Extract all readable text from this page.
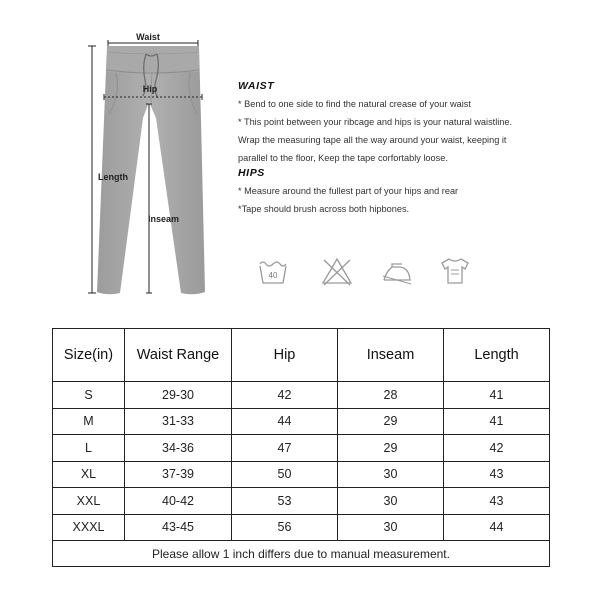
Waist
Hip
Length
Inseam

WAIST

* Bend to one side to find the natural crease of your waist

* This point between your ribcage and hips is your natural waistline.

Wrap the measuring tape all the way around your waist, keeping it

parallel to the floor, Keep the tape corfortably loose.

HIPS

* Measure around the fullest part of your hips and rear

*Tape should brush across both hipbones.

40
Size(in)	Waist Range	Hip	Inseam	Length
S	29-30	42	28	41
M	31-33	44	29	41
L	34-36	47	29	42
XL	37-39	50	30	43
XXL	40-42	53	30	43
XXXL	43-45	56	30	44
Please allow 1 inch differs due to manual measurement.				
